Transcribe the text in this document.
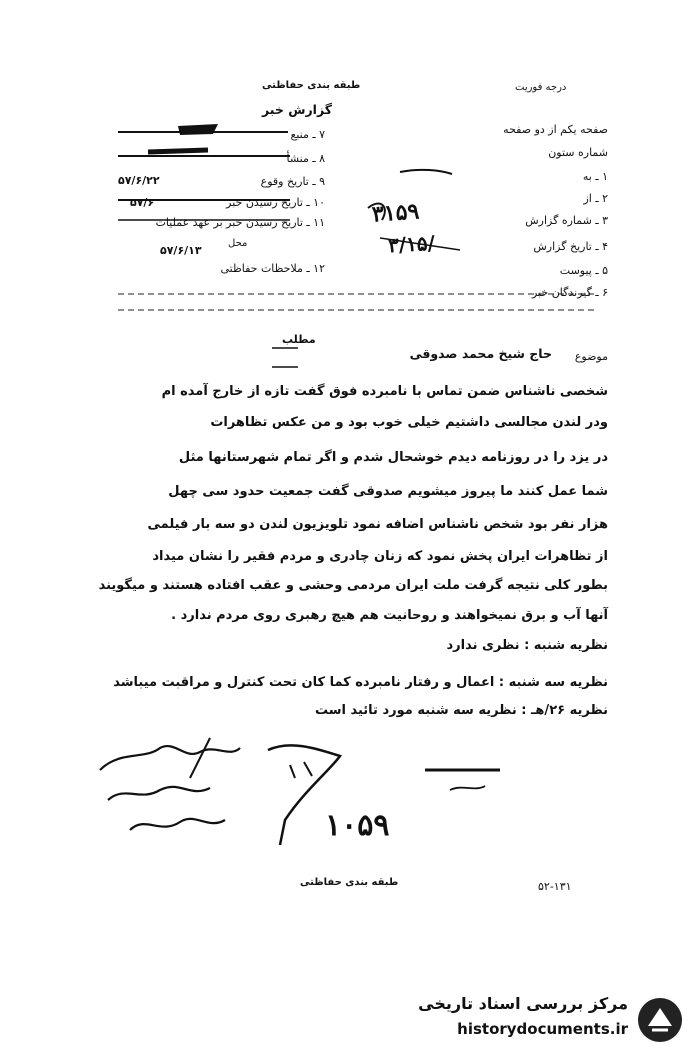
طبقه بندی حفاظتی	درجه فوریت
گزارش خبر
صفحه یکم از دو صفحه
شماره ستون
۱ ـ به
۲ ـ از
۳ ـ شماره گزارش
۴ ـ تاریخ گزارش
۵ ـ پیوست
۶ ـ گیرندگان خبر
۷ ـ منبع
۸ ـ منشأ
۹ ـ تاریخ وقوع
۵۷/۶/۲۲
۱۰ ـ تاریخ رسیدن خبر
۵۷/۶
۱۱ ـ تاریخ رسیدن خبر بر عهد عملیات
محل
۵۷/۶/۱۳
۱۲ ـ ملاحظات حفاظتی
۳۱۵۹
۳/۱۵/
مطلب
موضوع
حاج شیخ محمد صدوقی
شخصی ناشناس ضمن تماس با نامبرده فوق گفت تازه از خارج آمده ام
ودر لندن مجالسی داشتیم خیلی خوب بود و من عکس تظاهرات
در یزد را در روزنامه دیدم خوشحال شدم و اگر تمام شهرستانها مثل
شما عمل کنند ما پیروز میشویم صدوقی گفت جمعیت حدود سی چهل
هزار نفر بود شخص ناشناس اضافه نمود تلویزیون لندن دو سه بار فیلمی
از تظاهرات ایران پخش نمود که زنان چادری و مردم فقیر را نشان میداد
بطور کلی نتیجه گرفت ملت ایران مردمی وحشی و عقب افتاده هستند و میگویند
آنها آب و برق نمیخواهند و روحانیت هم هیچ رهبری روی مردم ندارد .
نظریه شنبه : نظری ندارد
نظریه سه شنبه : اعمال و رفتار نامبرده کما کان تحت کنترل و مراقبت میباشد
نظریه ۲۶/هـ : نظریه سه شنبه مورد تائید است
۱۰۵۹
طبقه بندی حفاظتی	۵۲-۱۳۱
مرکز بررسی اسناد تاریخی
historydocuments.ir
